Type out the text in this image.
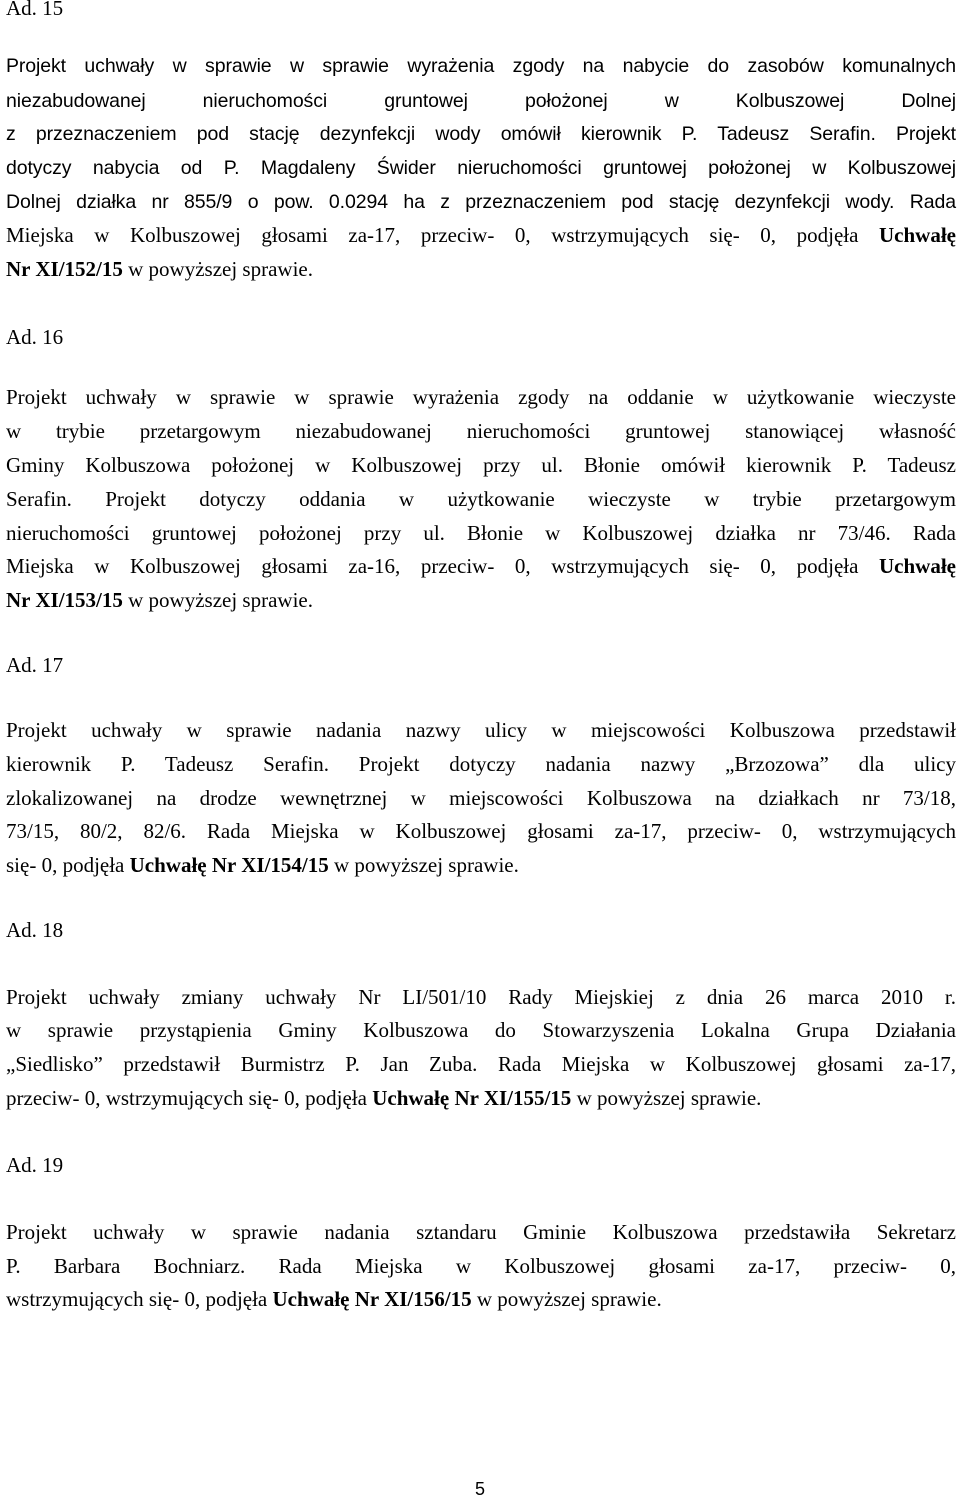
Ad. 15

Projekt uchwały w sprawie w sprawie wyrażenia zgody na nabycie do zasobów komunalnych

niezabudowanej nieruchomości gruntowej położonej w Kolbuszowej Dolnej

z przeznaczeniem pod stację dezynfekcji wody omówił kierownik P. Tadeusz Serafin. Projekt

dotyczy nabycia od P. Magdaleny Świder nieruchomości gruntowej położonej w Kolbuszowej

Dolnej działka nr 855/9 o pow. 0.0294 ha z przeznaczeniem pod stację dezynfekcji wody. Rada

Miejska w Kolbuszowej głosami za-17, przeciw- 0, wstrzymujących się- 0, podjęła Uchwałę

Nr XI/152/15 w powyższej sprawie.

Ad. 16

Projekt uchwały w sprawie w sprawie wyrażenia zgody na oddanie w użytkowanie wieczyste

w trybie przetargowym niezabudowanej nieruchomości gruntowej stanowiącej własność

Gminy Kolbuszowa położonej w Kolbuszowej przy ul. Błonie omówił kierownik P. Tadeusz

Serafin. Projekt dotyczy oddania w użytkowanie wieczyste w trybie przetargowym

nieruchomości gruntowej położonej przy ul. Błonie w Kolbuszowej działka nr 73/46. Rada

Miejska w Kolbuszowej głosami za-16, przeciw- 0, wstrzymujących się- 0, podjęła Uchwałę

Nr XI/153/15 w powyższej sprawie.

Ad. 17

Projekt uchwały w sprawie nadania nazwy ulicy w miejscowości Kolbuszowa przedstawił

kierownik P. Tadeusz Serafin. Projekt dotyczy nadania nazwy „Brzozowa” dla ulicy

zlokalizowanej na drodze wewnętrznej w miejscowości Kolbuszowa na działkach nr 73/18,

73/15, 80/2, 82/6. Rada Miejska w Kolbuszowej głosami za-17, przeciw- 0, wstrzymujących

się- 0, podjęła Uchwałę Nr XI/154/15 w powyższej sprawie.

Ad. 18

Projekt uchwały zmiany uchwały Nr LI/501/10 Rady Miejskiej z dnia 26 marca 2010 r.

w sprawie przystąpienia Gminy Kolbuszowa do Stowarzyszenia Lokalna Grupa Działania

„Siedlisko” przedstawił Burmistrz P. Jan Zuba. Rada Miejska w Kolbuszowej głosami za-17,

przeciw- 0, wstrzymujących się- 0, podjęła Uchwałę Nr XI/155/15 w powyższej sprawie.

Ad. 19

Projekt uchwały w sprawie nadania sztandaru Gminie Kolbuszowa przedstawiła Sekretarz

P. Barbara Bochniarz. Rada Miejska w Kolbuszowej głosami za-17, przeciw- 0,

wstrzymujących się- 0, podjęła Uchwałę Nr XI/156/15 w powyższej sprawie.

5
